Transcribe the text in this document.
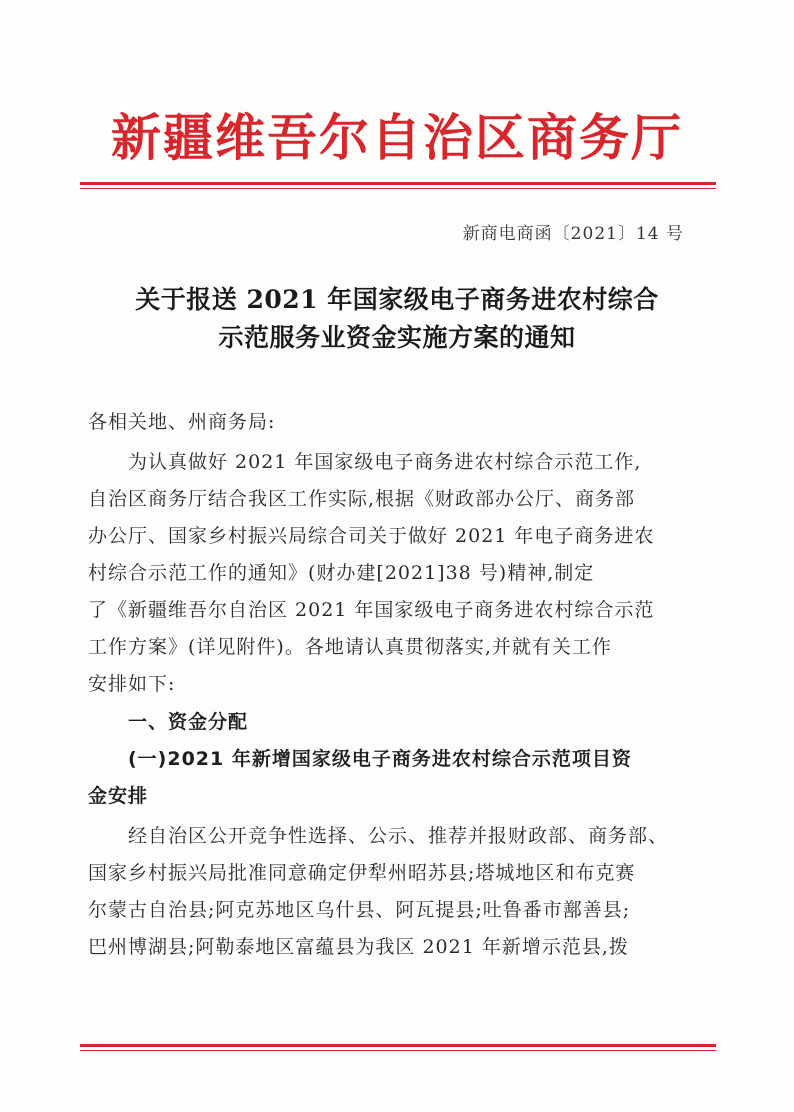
新疆维吾尔自治区商务厅
新商电商函〔2021〕14 号
关于报送 2021 年国家级电子商务进农村综合
示范服务业资金实施方案的通知
各相关地、州商务局:
为认真做好 2021 年国家级电子商务进农村综合示范工作,
自治区商务厅结合我区工作实际,根据《财政部办公厅、商务部
办公厅、国家乡村振兴局综合司关于做好 2021 年电子商务进农
村综合示范工作的通知》(财办建[2021]38 号)精神,制定
了《新疆维吾尔自治区 2021 年国家级电子商务进农村综合示范
工作方案》(详见附件)。各地请认真贯彻落实,并就有关工作
安排如下:
一、资金分配
(一)2021 年新增国家级电子商务进农村综合示范项目资
金安排
经自治区公开竞争性选择、公示、推荐并报财政部、商务部、
国家乡村振兴局批准同意确定伊犁州昭苏县;塔城地区和布克赛
尔蒙古自治县;阿克苏地区乌什县、阿瓦提县;吐鲁番市鄯善县;
巴州博湖县;阿勒泰地区富蕴县为我区 2021 年新增示范县,拨
